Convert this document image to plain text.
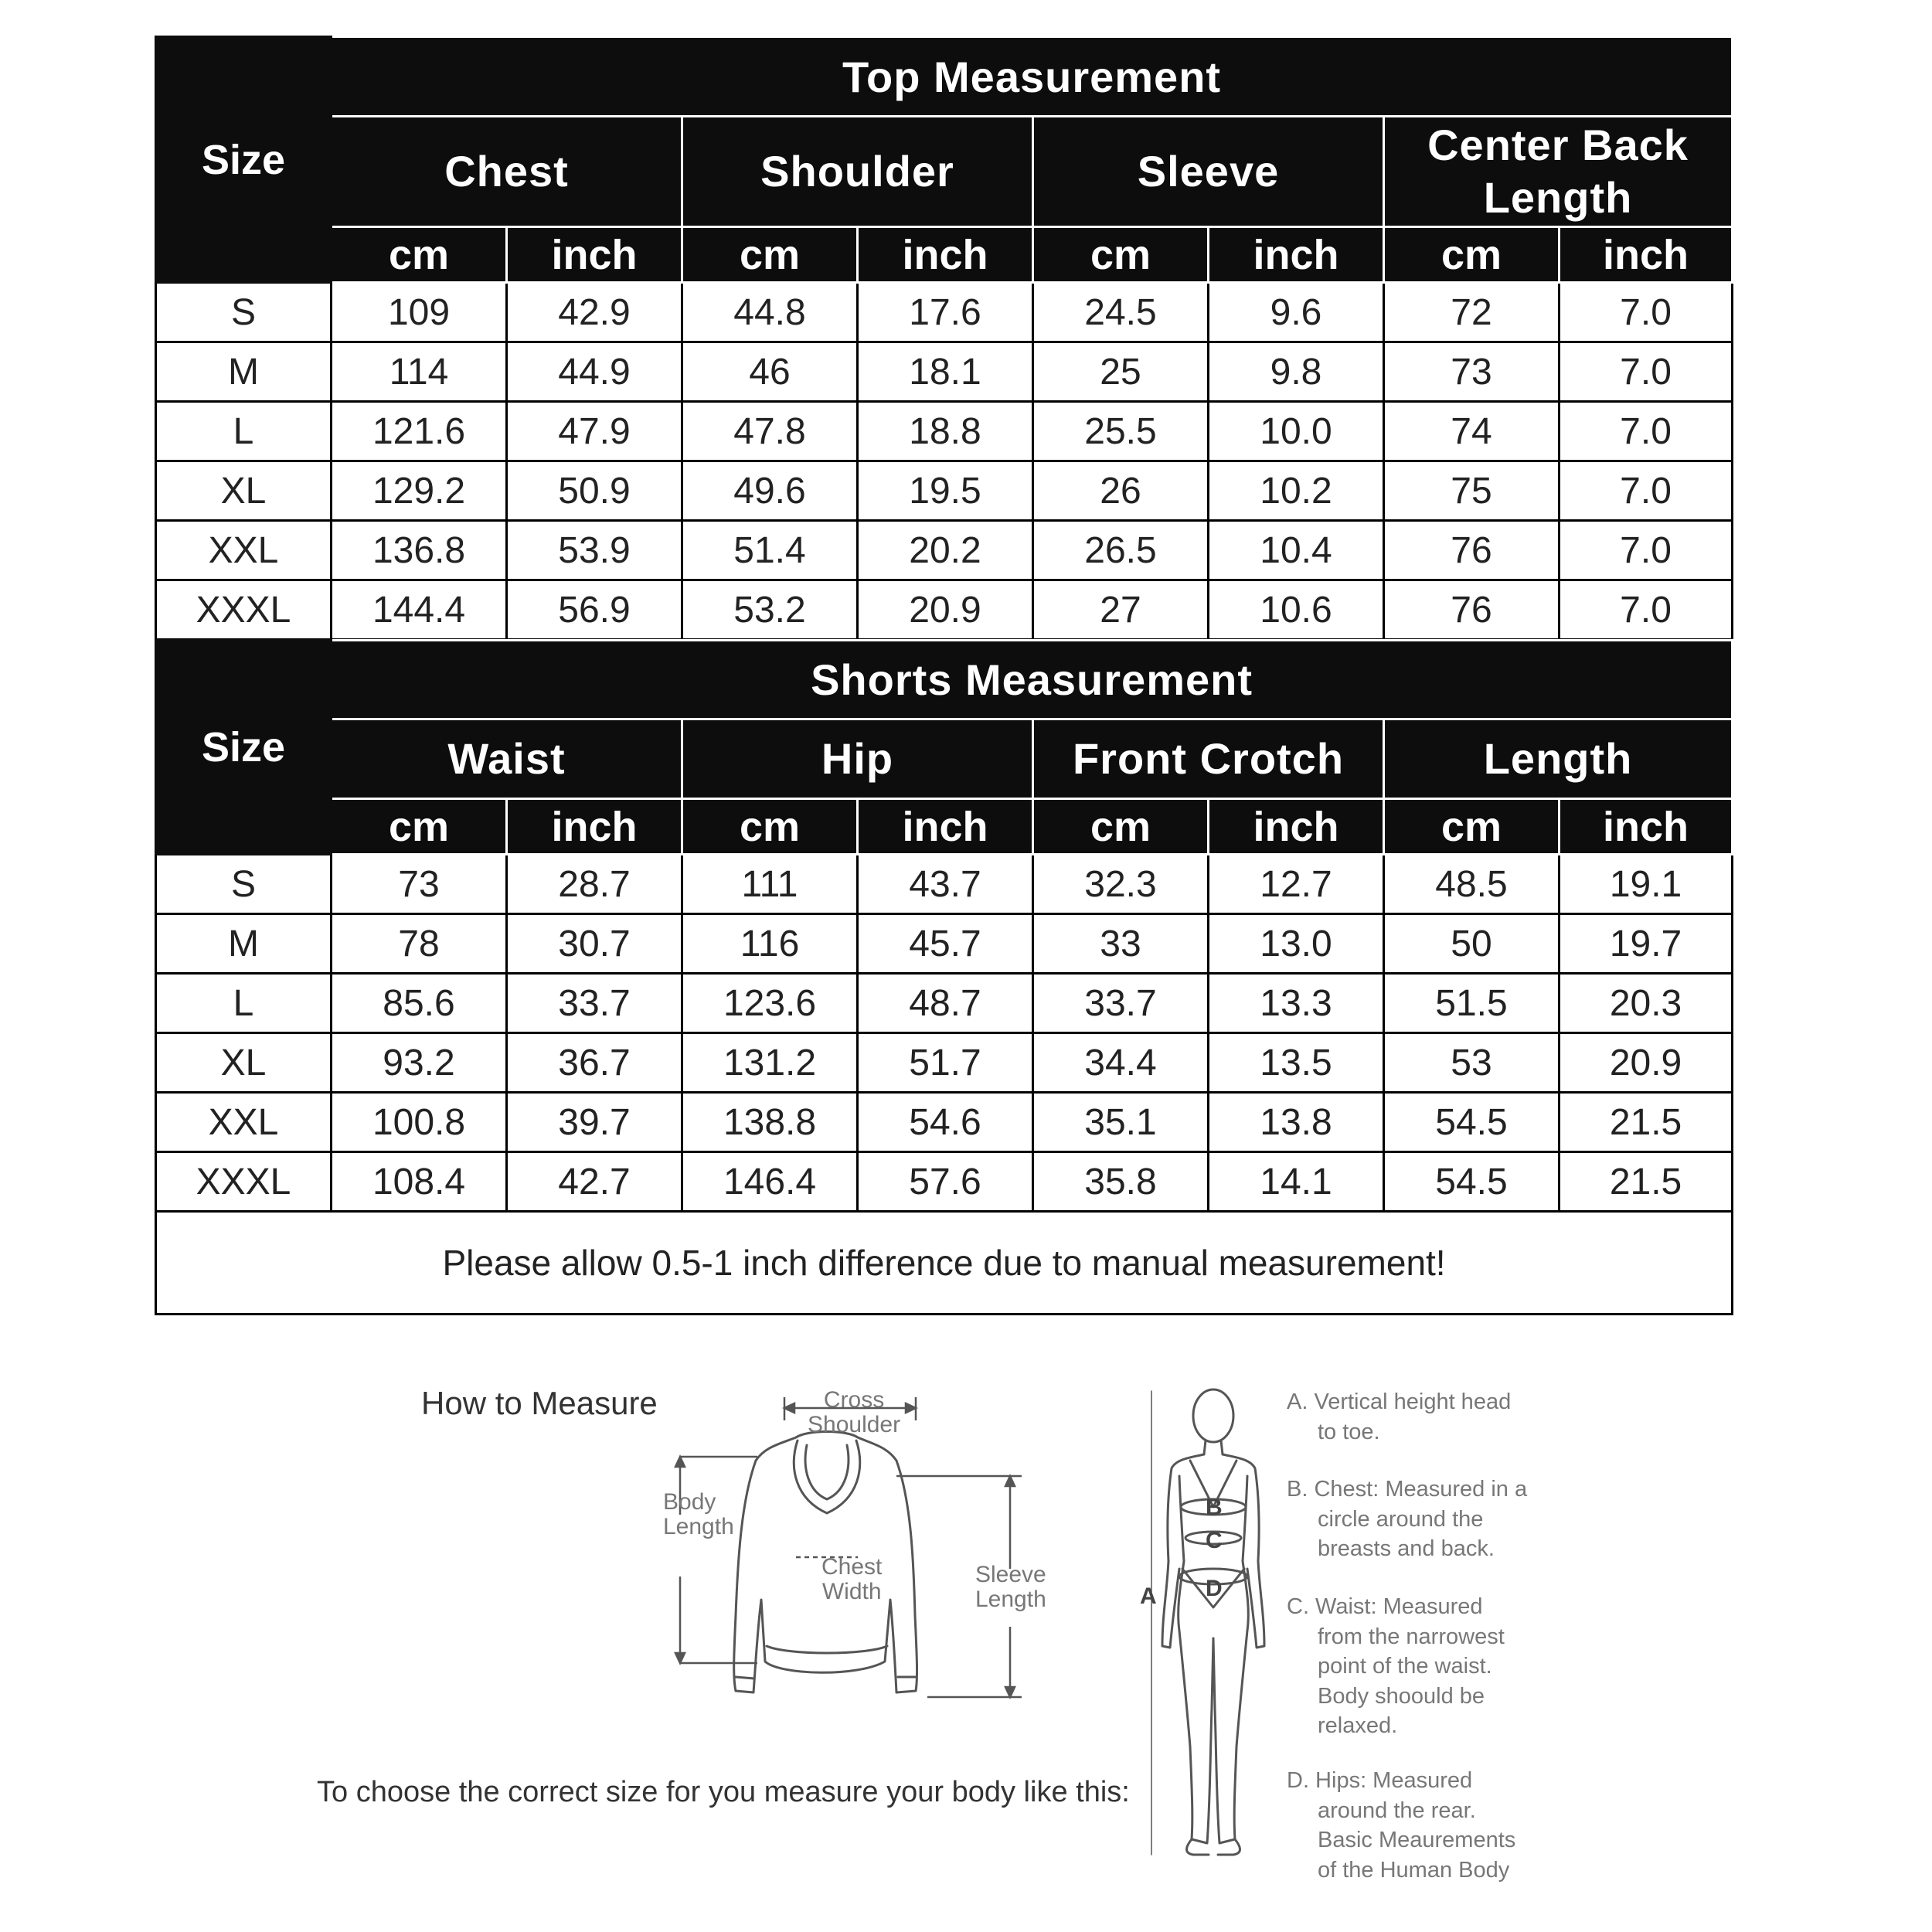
Size	Top Measurement							
	Chest		Shoulder		Sleeve		Center Back Length	
	cm	inch	cm	inch	cm	inch	cm	inch
S	109	42.9	44.8	17.6	24.5	9.6	72	7.0
M	114	44.9	46	18.1	25	9.8	73	7.0
L	121.6	47.9	47.8	18.8	25.5	10.0	74	7.0
XL	129.2	50.9	49.6	19.5	26	10.2	75	7.0
XXL	136.8	53.9	51.4	20.2	26.5	10.4	76	7.0
XXXL	144.4	56.9	53.2	20.9	27	10.6	76	7.0
Size	Shorts Measurement							
	Waist		Hip		Front Crotch		Length	
	cm	inch	cm	inch	cm	inch	cm	inch
S	73	28.7	111	43.7	32.3	12.7	48.5	19.1
M	78	30.7	116	45.7	33	13.0	50	19.7
L	85.6	33.7	123.6	48.7	33.7	13.3	51.5	20.3
XL	93.2	36.7	131.2	51.7	34.4	13.5	53	20.9
XXL	100.8	39.7	138.8	54.6	35.1	13.8	54.5	21.5
XXXL	108.4	42.7	146.4	57.6	35.8	14.1	54.5	21.5
Please allow 0.5-1 inch difference due to manual measurement!								
How to Measure
To choose the correct size for you measure your body like this:
Cross
Shoulder
Body
Length
Chest
Width
Sleeve
Length	A
B
C
D
A. Vertical height head
to toe.
B. Chest: Measured in a
circle around the
breasts and back.
C. Waist: Measured
from the narrowest
point of the waist.
Body shoould be
relaxed.
D. Hips: Measured
around the rear.
Basic Meaurements
of the Human Body
